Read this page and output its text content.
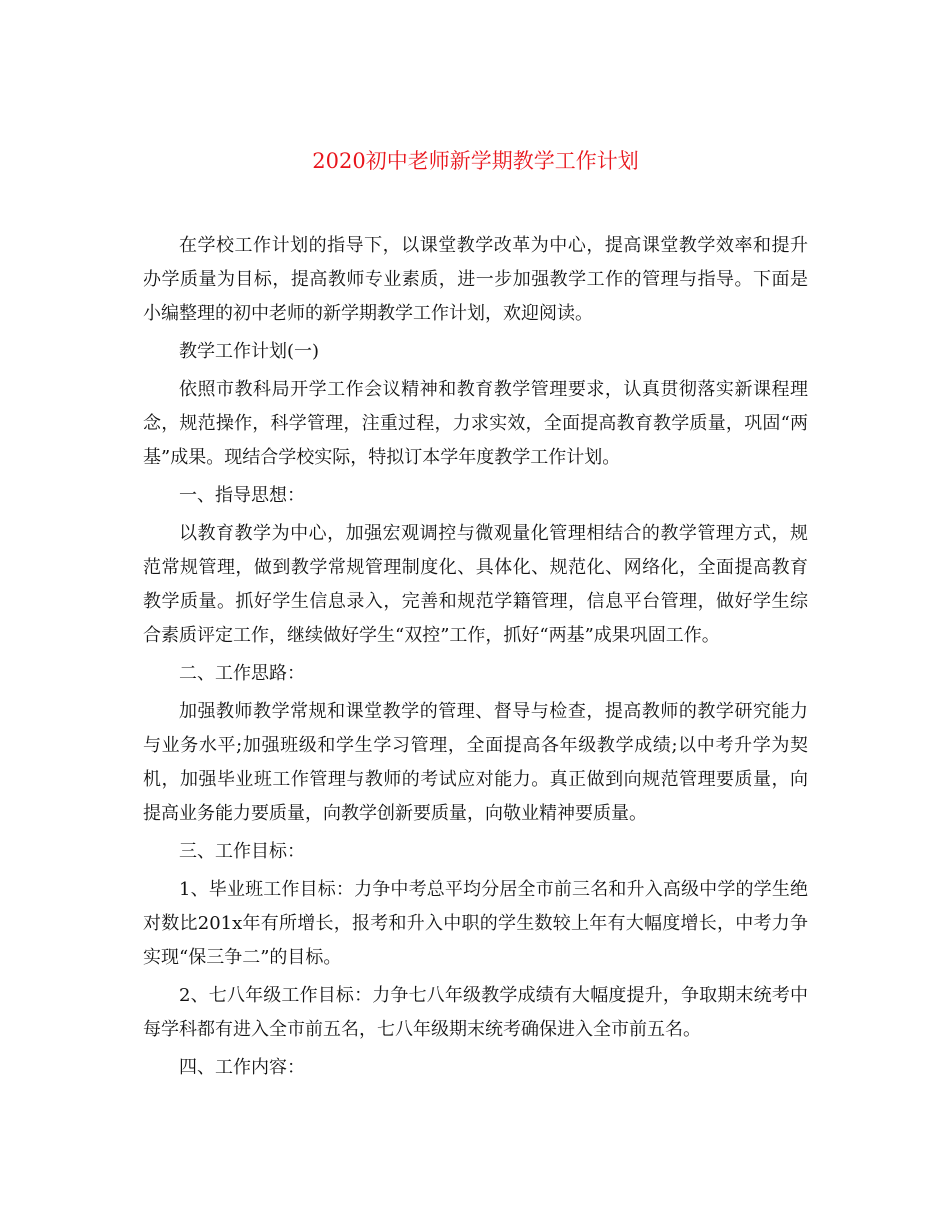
2020初中老师新学期教学工作计划

在学校工作计划的指导下，以课堂教学改革为中心，提高课堂教学效率和提升办学质量为目标，提高教师专业素质，进一步加强教学工作的管理与指导。下面是小编整理的初中老师的新学期教学工作计划，欢迎阅读。

教学工作计划(一)

依照市教科局开学工作会议精神和教育教学管理要求，认真贯彻落实新课程理念，规范操作，科学管理，注重过程，力求实效，全面提高教育教学质量，巩固“两基”成果。现结合学校实际，特拟订本学年度教学工作计划。

一、指导思想：

以教育教学为中心，加强宏观调控与微观量化管理相结合的教学管理方式，规范常规管理，做到教学常规管理制度化、具体化、规范化、网络化，全面提高教育教学质量。抓好学生信息录入，完善和规范学籍管理，信息平台管理，做好学生综合素质评定工作，继续做好学生“双控”工作，抓好“两基”成果巩固工作。

二、工作思路：

加强教师教学常规和课堂教学的管理、督导与检查，提高教师的教学研究能力与业务水平;加强班级和学生学习管理，全面提高各年级教学成绩;以中考升学为契机，加强毕业班工作管理与教师的考试应对能力。真正做到向规范管理要质量，向提高业务能力要质量，向教学创新要质量，向敬业精神要质量。

三、工作目标：

1、毕业班工作目标：力争中考总平均分居全市前三名和升入高级中学的学生绝对数比201x年有所增长，报考和升入中职的学生数较上年有大幅度增长，中考力争实现“保三争二”的目标。

2、七八年级工作目标：力争七八年级教学成绩有大幅度提升，争取期末统考中每学科都有进入全市前五名，七八年级期末统考确保进入全市前五名。

四、工作内容：
